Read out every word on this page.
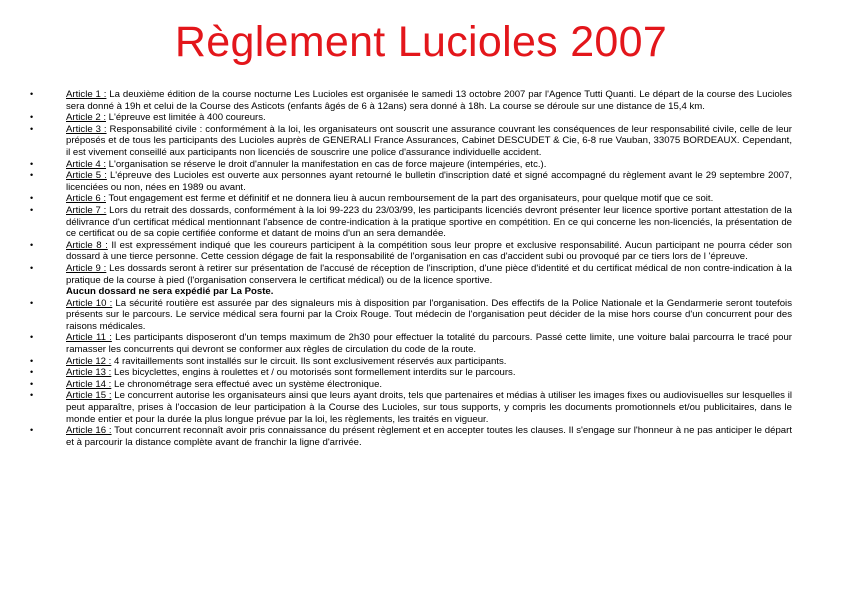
Règlement Lucioles 2007
•	Article 1 : La deuxième édition de la course nocturne Les Lucioles est organisée le samedi 13 octobre 2007 par l'Agence Tutti Quanti. Le départ de la course des Lucioles sera donné à 19h et celui de la Course des Asticots (enfants âgés de 6 à 12ans) sera donné à 18h. La course se déroule sur une distance de 15,4 km.
•	Article 2 : L'épreuve est limitée à 400 coureurs.
•	Article 3 : Responsabilité civile : conformément à la loi, les organisateurs ont souscrit une assurance couvrant les conséquences de leur responsabilité civile, celle de leur préposés et de tous les participants des Lucioles auprès de GENERALI France Assurances, Cabinet DESCUDET & Cie, 6-8 rue Vauban, 33075 BORDEAUX. Cependant, il est vivement conseillé aux participants non licenciés de souscrire une police d'assurance individuelle accident.
•	Article 4 : L'organisation se réserve le droit d'annuler la manifestation en cas de force majeure (intempéries, etc.).
•	Article 5 : L'épreuve des Lucioles est ouverte aux personnes ayant retourné le bulletin d'inscription daté et signé accompagné du règlement avant le 29 septembre 2007, licenciées ou non, nées en 1989 ou avant.
•	Article 6 : Tout engagement est ferme et définitif et ne donnera lieu à aucun remboursement de la part des organisateurs, pour quelque motif que ce soit.
•	Article 7 : Lors du retrait des dossards, conformément à la loi 99-223 du 23/03/99, les participants licenciés devront présenter leur licence sportive portant attestation de la délivrance d'un certificat médical mentionnant l'absence de contre-indication à la pratique sportive en compétition. En ce qui concerne les non-licenciés, la présentation de ce certificat ou de sa copie certifiée conforme et datant de moins d'un an sera demandée.
•	Article 8 : Il est expressément indiqué que les coureurs participent à la compétition sous leur propre et exclusive responsabilité. Aucun participant ne pourra céder son dossard à une tierce personne. Cette cession dégage de fait la responsabilité de l'organisation en cas d'accident subi ou provoqué par ce tiers lors de l 'épreuve.
•	Article 9 : Les dossards seront à retirer sur présentation de l'accusé de réception de l'inscription, d'une pièce d'identité et du certificat médical de non contre-indication à la pratique de la course à pied (l'organisation conservera le certificat médical) ou de la licence sportive.
Aucun dossard ne sera expédié par La Poste.
•	Article 10 : La sécurité routière est assurée par des signaleurs mis à disposition par l'organisation. Des effectifs de la Police Nationale et la Gendarmerie seront toutefois présents sur le parcours. Le service médical sera fourni par la Croix Rouge. Tout médecin de l'organisation peut décider de la mise hors course d'un concurrent pour des raisons médicales.
•	Article 11 : Les participants disposeront d'un temps maximum de 2h30 pour effectuer la totalité du parcours. Passé cette limite, une voiture balai parcourra le tracé pour ramasser les concurrents qui devront se conformer aux règles de circulation du code de la route.
•	Article 12 : 4 ravitaillements sont installés sur le circuit. Ils sont exclusivement réservés aux participants.
•	Article 13 : Les bicyclettes, engins à roulettes et / ou motorisés sont formellement interdits sur le parcours.
•	Article 14 : Le chronométrage sera effectué avec un système électronique.
•	Article 15 : Le concurrent autorise les organisateurs ainsi que leurs ayant droits, tels que partenaires et médias à utiliser les images fixes ou audiovisuelles sur lesquelles il peut apparaître, prises à l'occasion de leur participation à la Course des Lucioles, sur tous supports, y compris les documents promotionnels et/ou publicitaires, dans le monde entier et pour la durée la plus longue prévue par la loi, les règlements, les traités en vigueur.
•	Article 16 : Tout concurrent reconnaît avoir pris connaissance du présent règlement et en accepter toutes les clauses. Il s'engage sur l'honneur à ne pas anticiper le départ et à parcourir la distance complète avant de franchir la ligne d'arrivée.
